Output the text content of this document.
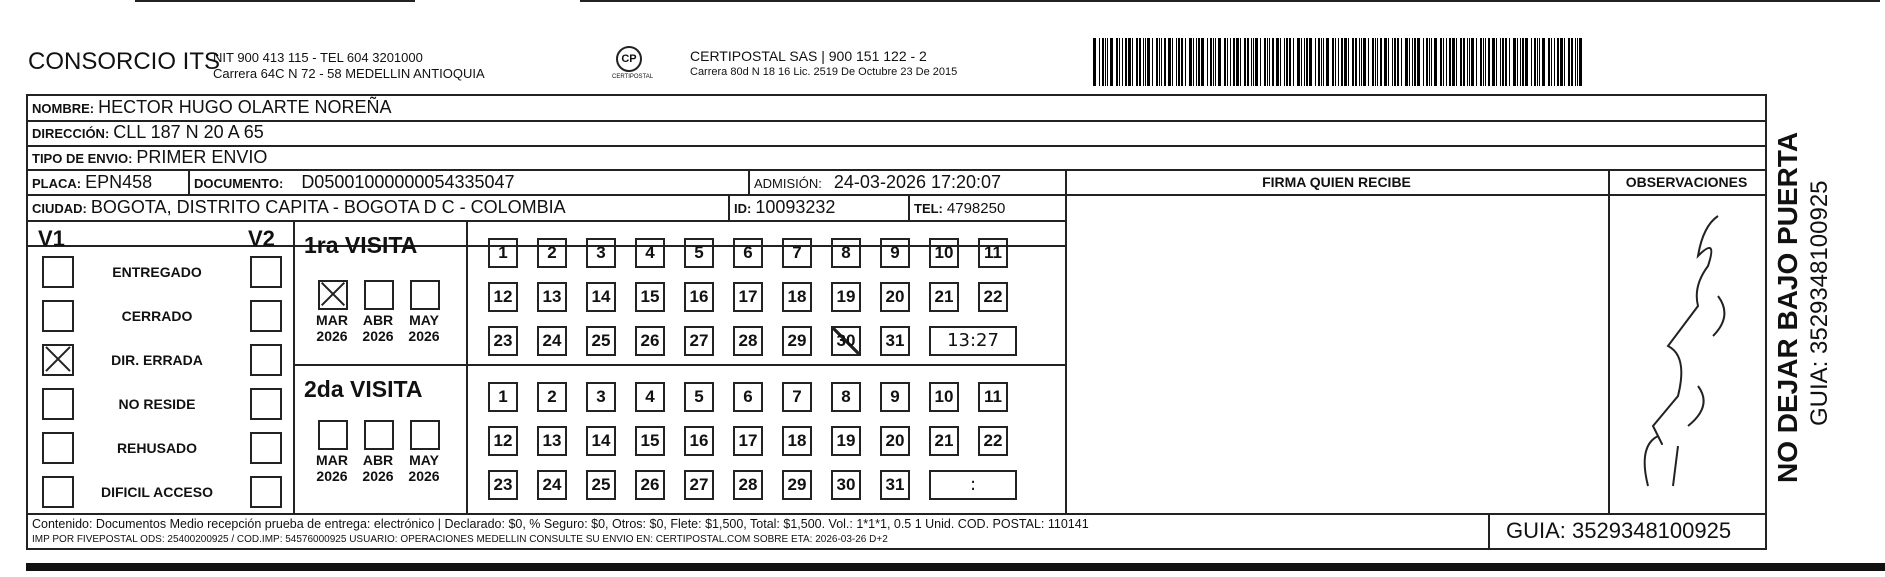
CONSORCIO ITS
NIT 900 413 115 - TEL 604 3201000
Carrera 64C N 72 - 58 MEDELLIN ANTIOQUIA
CP
CERTIPOSTAL
CERTIPOSTAL SAS | 900 151 122 - 2
Carrera 80d N 18 16 Lic. 2519 De Octubre 23 De 2015
NOMBRE: HECTOR HUGO OLARTE NOREÑA
DIRECCIÓN: CLL 187 N 20 A 65
TIPO DE ENVIO: PRIMER ENVIO
FIRMA QUIEN RECIBE	OBSERVACIONES
PLACA: EPN458	DOCUMENTO: D05001000000054335047	ADMISIÓN: 24-03-2026 17:20:07
CIUDAD: BOGOTA, DISTRITO CAPITA - BOGOTA D C - COLOMBIA	ID: 10093232	TEL: 4798250
V1	V2
ENTREGADO
CERRADO
DIR. ERRADA
NO RESIDE
REHUSADO
DIFICIL ACCESO
1ra VISITA
2da VISITA
MAR
2026
ABR
2026
MAY
2026
MAR
2026
ABR
2026
MAY
2026
1	2	3	4	5	6	7	8	9	10	11
12	13	14	15	16	17	18	19	20	21	22
23	24	25	26	27	28	29	30	31	13:27
1	2	3	4	5	6	7	8	9	10	11
12	13	14	15	16	17	18	19	20	21	22
23	24	25	26	27	28	29	30	31	:
Contenido: Documentos Medio recepción prueba de entrega: electrónico | Declarado: $0, % Seguro: $0, Otros: $0, Flete: $1,500, Total: $1,500. Vol.: 1*1*1, 0.5 1 Unid. COD. POSTAL: 110141
IMP POR FIVEPOSTAL ODS: 25400200925 / COD.IMP: 54576000925 USUARIO: OPERACIONES MEDELLIN CONSULTE SU ENVIO EN: CERTIPOSTAL.COM SOBRE ETA: 2026-03-26 D+2	GUIA: 3529348100925
NO DEJAR BAJO PUERTA GUIA: 3529348100925
